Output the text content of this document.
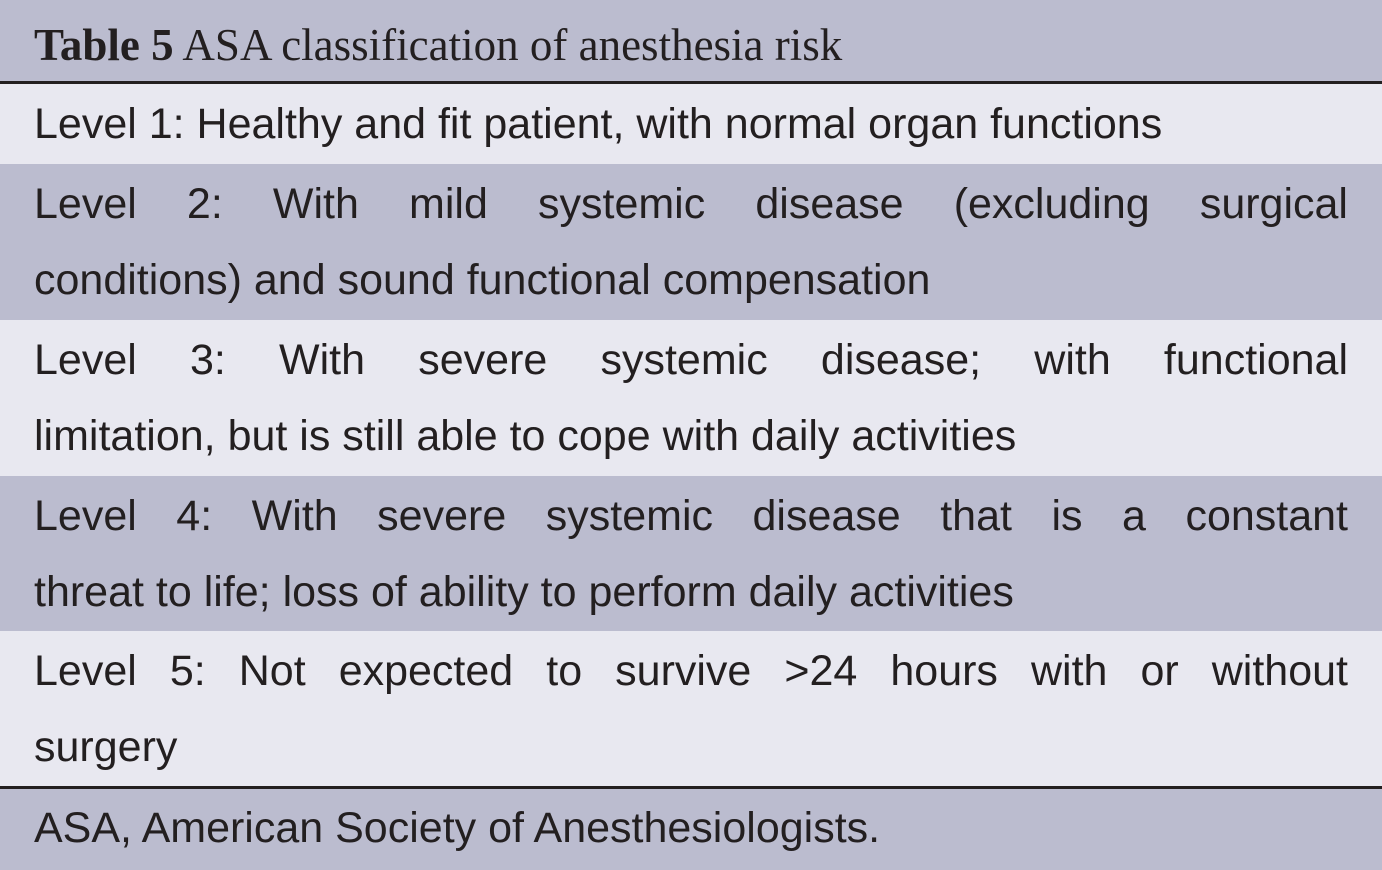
Table 5 ASA classification of anesthesia risk
Level 1: Healthy and fit patient, with normal organ functions
Level 2: With mild systemic disease (excluding surgical
conditions) and sound functional compensation
Level 3: With severe systemic disease; with functional
limitation, but is still able to cope with daily activities
Level 4: With severe systemic disease that is a constant
threat to life; loss of ability to perform daily activities
Level 5: Not expected to survive >24 hours with or without
surgery
ASA, American Society of Anesthesiologists.
